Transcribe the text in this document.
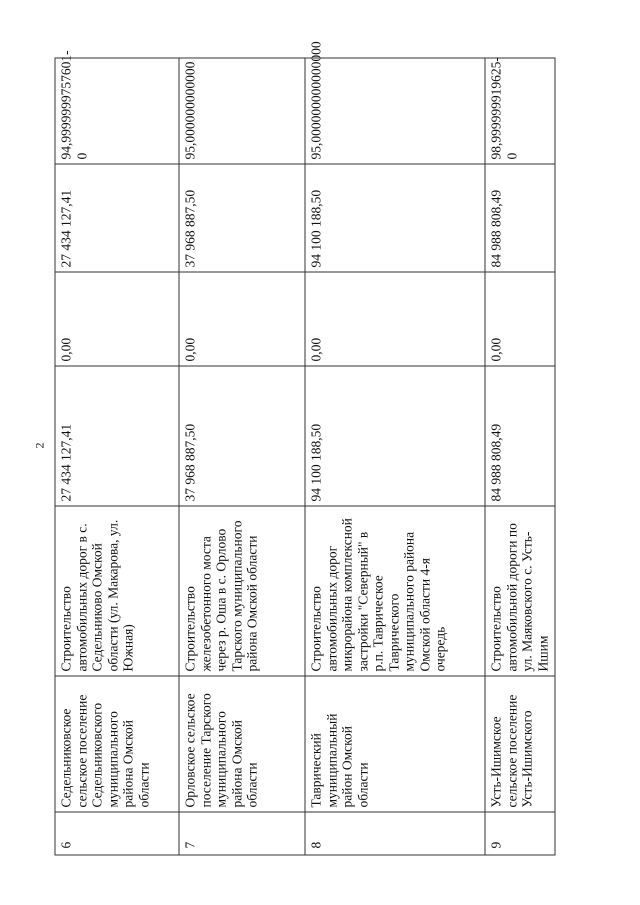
2
6	Седельниковское сельское поселение Седельниковского муниципального района Омской области	Строительство автомобильных дорог в с. Седельниково Омской области (ул. Макарова, ул. Южная)	27 434 127,41	0,00	27 434 127,41	94,99999997576010
7	Орловское сельское поселение Тарского муниципального района Омской области	Строительство железобетонного моста через р. Оша в с. Орлово Тарского муниципального района Омской области	37 968 887,50	0,00	37 968 887,50	95,000000000000
8	Таврический муниципальный район Омской области	Строительство автомобильных дорог микрорайона комплексной застройки "Северный" в р.п. Таврическое Таврического муниципального района Омской области 4-я очередь	94 100 188,50	0,00	94 100 188,50	95,000000000000000
9	Усть-Ишимское сельское поселение Усть-Ишимского	Строительство автомобильной дороги по ул. Маяковского с. Усть-Ишим	84 988 808,49	0,00	84 988 808,49	98,9999999196250
